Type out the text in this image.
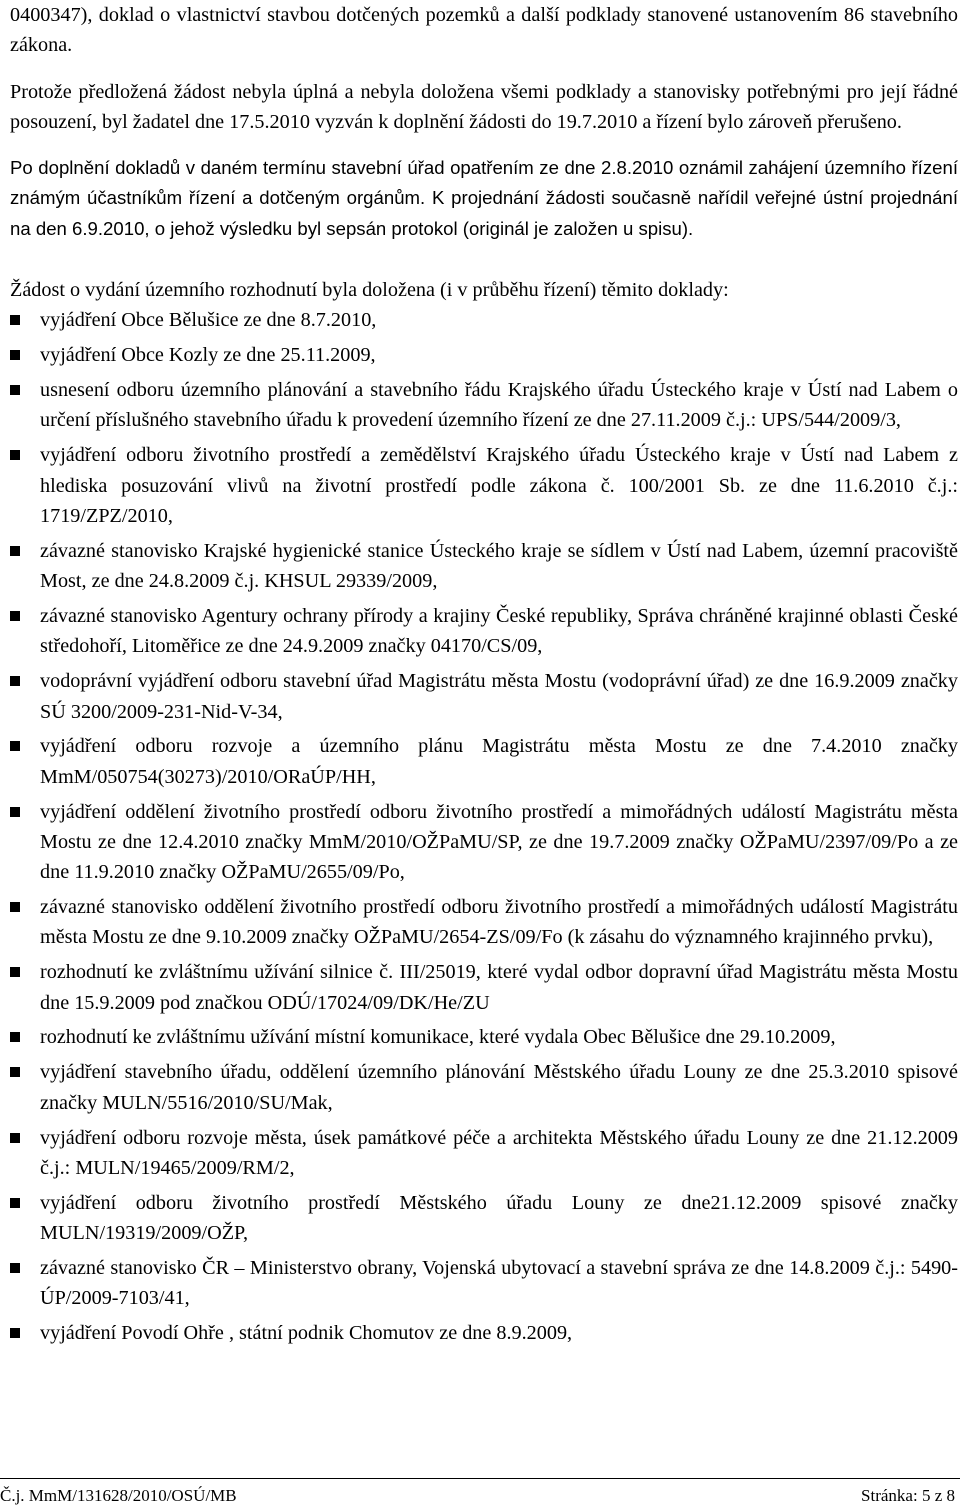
0400347), doklad o vlastnictví stavbou dotčených pozemků a další podklady stanovené ustanovením 86 stavebního zákona.

Protože předložená žádost nebyla úplná a nebyla doložena všemi podklady a stanovisky potřebnými pro její řádné posouzení, byl žadatel dne 17.5.2010 vyzván k doplnění žádosti do 19.7.2010 a řízení bylo zároveň přerušeno.

Po doplnění dokladů v daném termínu stavební úřad opatřením ze dne 2.8.2010 oznámil zahájení územního řízení známým účastníkům řízení a dotčeným orgánům. K projednání žádosti současně nařídil veřejné ústní projednání na den 6.9.2010, o jehož výsledku byl sepsán protokol (originál je založen u spisu).

Žádost o vydání územního rozhodnutí byla doložena (i v průběhu řízení) těmito doklady:

vyjádření Obce Bělušice ze dne 8.7.2010,
vyjádření Obce Kozly ze dne 25.11.2009,
usnesení odboru územního plánování a stavebního řádu Krajského úřadu Ústeckého kraje v Ústí nad Labem o určení příslušného stavebního úřadu k provedení územního řízení ze dne 27.11.2009 č.j.: UPS/544/2009/3,
vyjádření odboru životního prostředí a zemědělství Krajského úřadu Ústeckého kraje v Ústí nad Labem z hlediska posuzování vlivů na životní prostředí podle zákona č. 100/2001 Sb. ze dne 11.6.2010 č.j.: 1719/ZPZ/2010,
závazné stanovisko Krajské hygienické stanice Ústeckého kraje se sídlem v Ústí nad Labem, územní pracoviště Most, ze dne 24.8.2009 č.j. KHSUL 29339/2009,
závazné stanovisko Agentury ochrany přírody a krajiny České republiky, Správa chráněné krajinné oblasti České středohoří, Litoměřice ze dne 24.9.2009 značky 04170/CS/09,
vodoprávní vyjádření odboru stavební úřad Magistrátu města Mostu (vodoprávní úřad) ze dne 16.9.2009 značky SÚ 3200/2009-231-Nid-V-34,
vyjádření odboru rozvoje a územního plánu Magistrátu města Mostu ze dne 7.4.2010 značky MmM/050754(30273)/2010/ORaÚP/HH,
vyjádření oddělení životního prostředí odboru životního prostředí a mimořádných událostí Magistrátu města Mostu ze dne 12.4.2010 značky MmM/2010/OŽPaMU/SP, ze dne 19.7.2009 značky OŽPaMU/2397/09/Po a ze dne 11.9.2010 značky OŽPaMU/2655/09/Po,
závazné stanovisko oddělení životního prostředí odboru životního prostředí a mimořádných událostí Magistrátu města Mostu ze dne 9.10.2009 značky OŽPaMU/2654-ZS/09/Fo (k zásahu do významného krajinného prvku),
rozhodnutí ke zvláštnímu užívání silnice č. III/25019, které vydal odbor dopravní úřad Magistrátu města Mostu dne 15.9.2009 pod značkou ODÚ/17024/09/DK/He/ZU
rozhodnutí ke zvláštnímu užívání místní komunikace, které vydala Obec Bělušice dne 29.10.2009,
vyjádření stavebního úřadu, oddělení územního plánování Městského úřadu Louny ze dne 25.3.2010 spisové značky MULN/5516/2010/SU/Mak,
vyjádření odboru rozvoje města, úsek památkové péče a architekta Městského úřadu Louny ze dne 21.12.2009 č.j.: MULN/19465/2009/RM/2,
vyjádření odboru životního prostředí Městského úřadu Louny ze dne21.12.2009 spisové značky MULN/19319/2009/OŽP,
závazné stanovisko ČR – Ministerstvo obrany, Vojenská ubytovací a stavební správa ze dne 14.8.2009 č.j.: 5490-ÚP/2009-7103/41,
vyjádření Povodí Ohře , státní podnik Chomutov ze dne 8.9.2009,
Č.j. MmM/131628/2010/OSÚ/MB	Stránka: 5 z 8
